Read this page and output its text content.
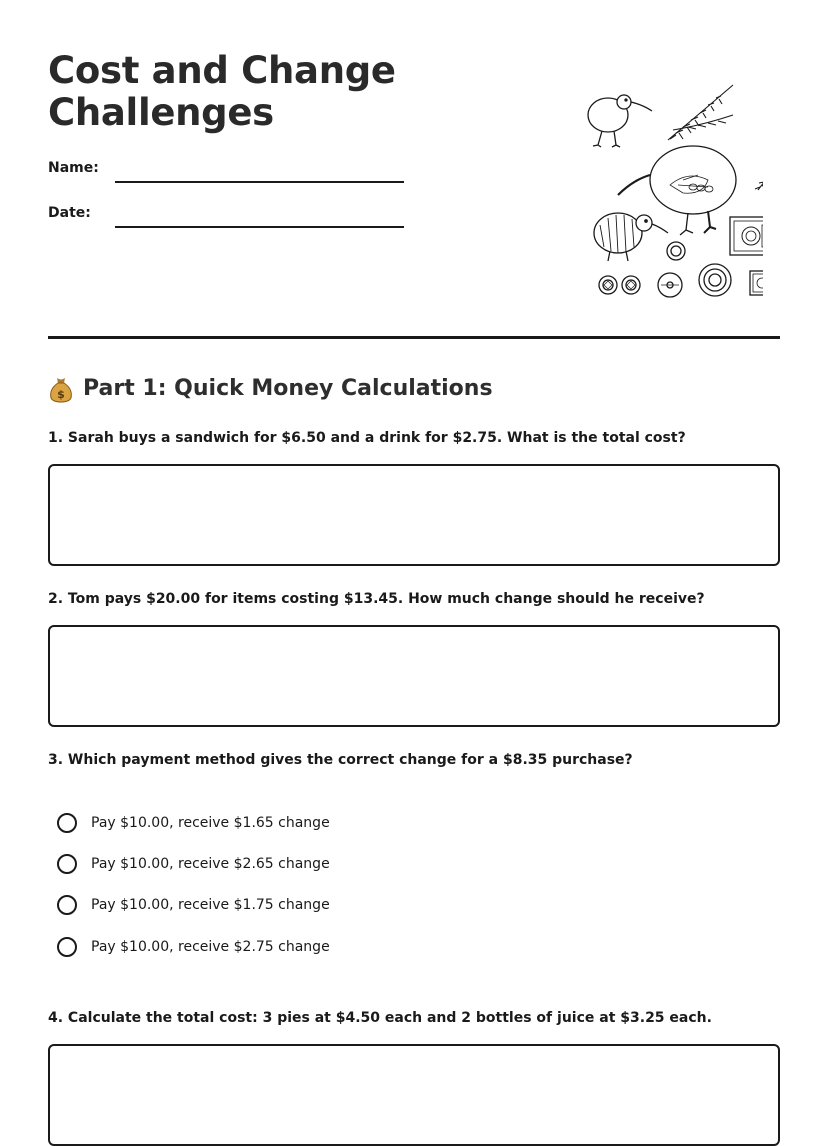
Cost and Change
Challenges
Name:
Date:
$ Part 1: Quick Money Calculations

1. Sarah buys a sandwich for $6.50 and a drink for $2.75. What is the total cost?

2. Tom pays $20.00 for items costing $13.45. How much change should he receive?

3. Which payment method gives the correct change for a $8.35 purchase?

Pay $10.00, receive $1.65 change
Pay $10.00, receive $2.65 change
Pay $10.00, receive $1.75 change
Pay $10.00, receive $2.75 change

4. Calculate the total cost: 3 pies at $4.50 each and 2 bottles of juice at $3.25 each.
